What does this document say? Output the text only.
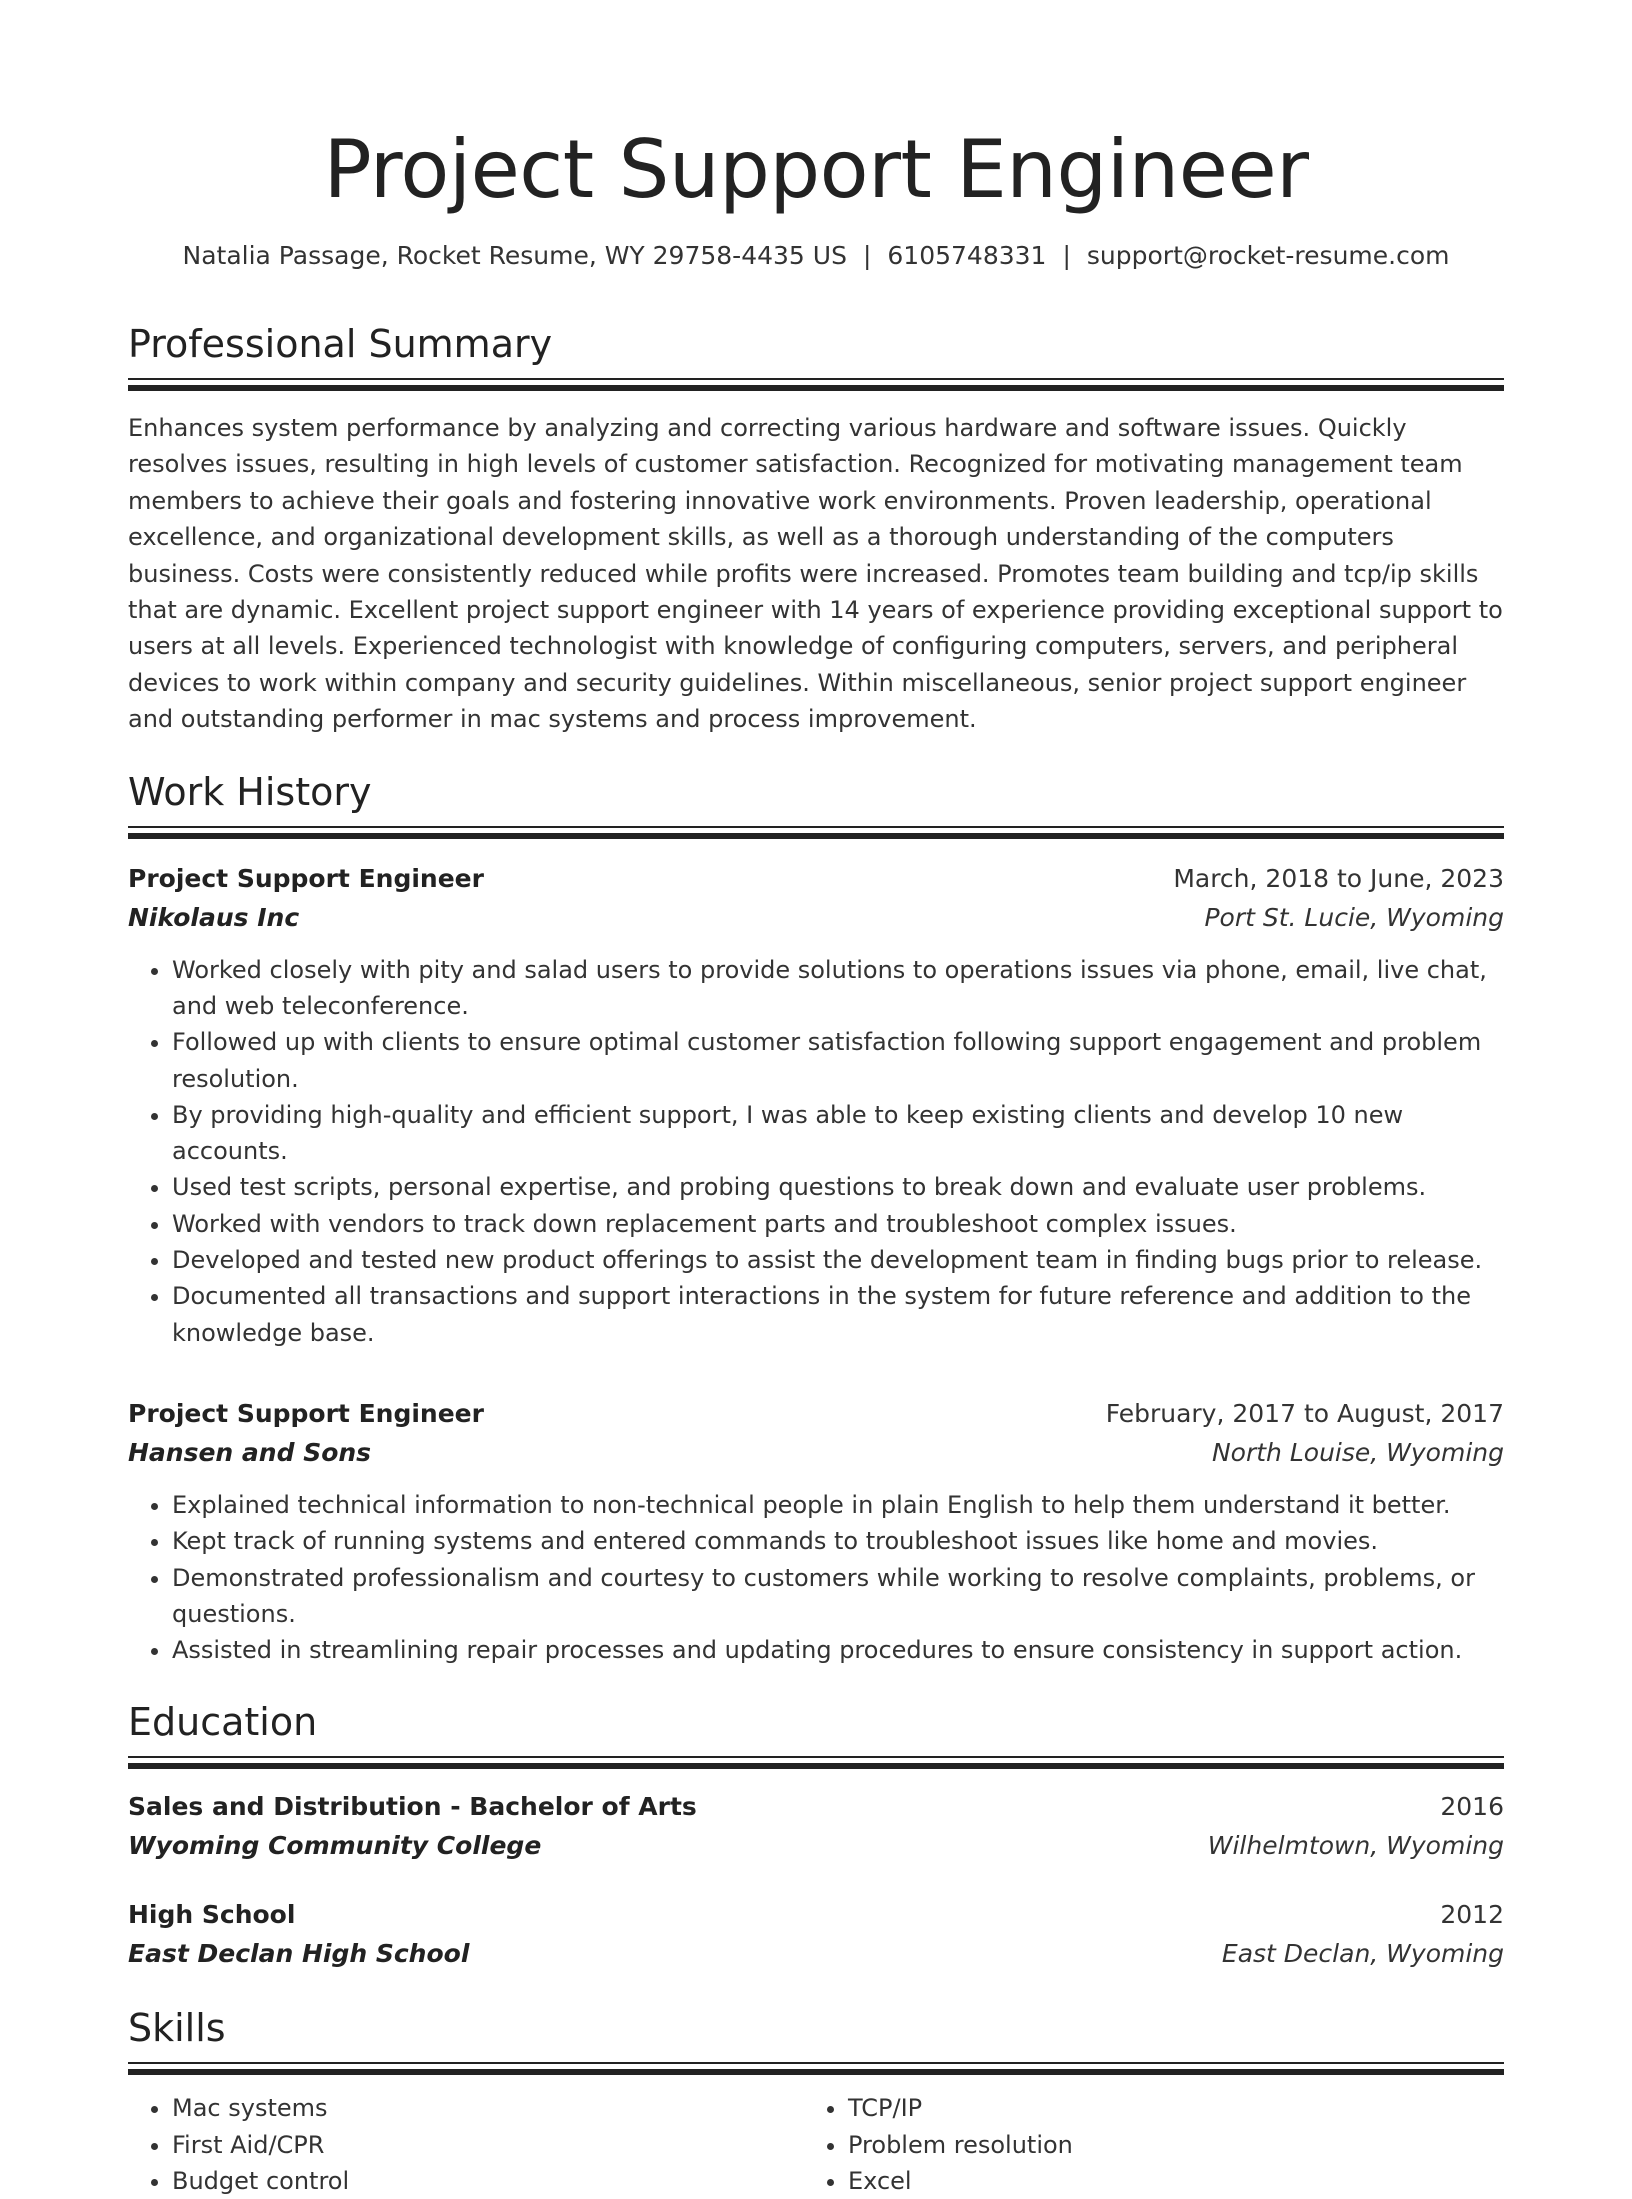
Project Support Engineer
Natalia Passage, Rocket Resume, WY 29758-4435 US | 6105748331 | support@rocket-resume.com
Professional Summary

Enhances system performance by analyzing and correcting various hardware and software issues. Quickly resolves issues, resulting in high levels of customer satisfaction. Recognized for motivating management team members to achieve their goals and fostering innovative work environments. Proven leadership, operational excellence, and organizational development skills, as well as a thorough understanding of the computers business. Costs were consistently reduced while profits were increased. Promotes team building and tcp/ip skills that are dynamic. Excellent project support engineer with 14 years of experience providing exceptional support to users at all levels. Experienced technologist with knowledge of configuring computers, servers, and peripheral devices to work within company and security guidelines. Within miscellaneous, senior project support engineer and outstanding performer in mac systems and process improvement.

Work History
Project Support Engineer	March, 2018 to June, 2023
Nikolaus Inc	Port St. Lucie, Wyoming
• Worked closely with pity and salad users to provide solutions to operations issues via phone, email, live chat, and web teleconference.
• Followed up with clients to ensure optimal customer satisfaction following support engagement and problem resolution.
• By providing high-quality and efficient support, I was able to keep existing clients and develop 10 new accounts.
• Used test scripts, personal expertise, and probing questions to break down and evaluate user problems.
• Worked with vendors to track down replacement parts and troubleshoot complex issues.
• Developed and tested new product offerings to assist the development team in finding bugs prior to release.
• Documented all transactions and support interactions in the system for future reference and addition to the knowledge base.
Project Support Engineer	February, 2017 to August, 2017
Hansen and Sons	North Louise, Wyoming
• Explained technical information to non-technical people in plain English to help them understand it better.
• Kept track of running systems and entered commands to troubleshoot issues like home and movies.
• Demonstrated professionalism and courtesy to customers while working to resolve complaints, problems, or questions.
• Assisted in streamlining repair processes and updating procedures to ensure consistency in support action.
Education
Sales and Distribution - Bachelor of Arts	2016
Wyoming Community College	Wilhelmtown, Wyoming
High School	2012
East Declan High School	East Declan, Wyoming
Skills
• Mac systems
• First Aid/CPR
• Budget control
• TCP/IP
• Problem resolution
• Excel
